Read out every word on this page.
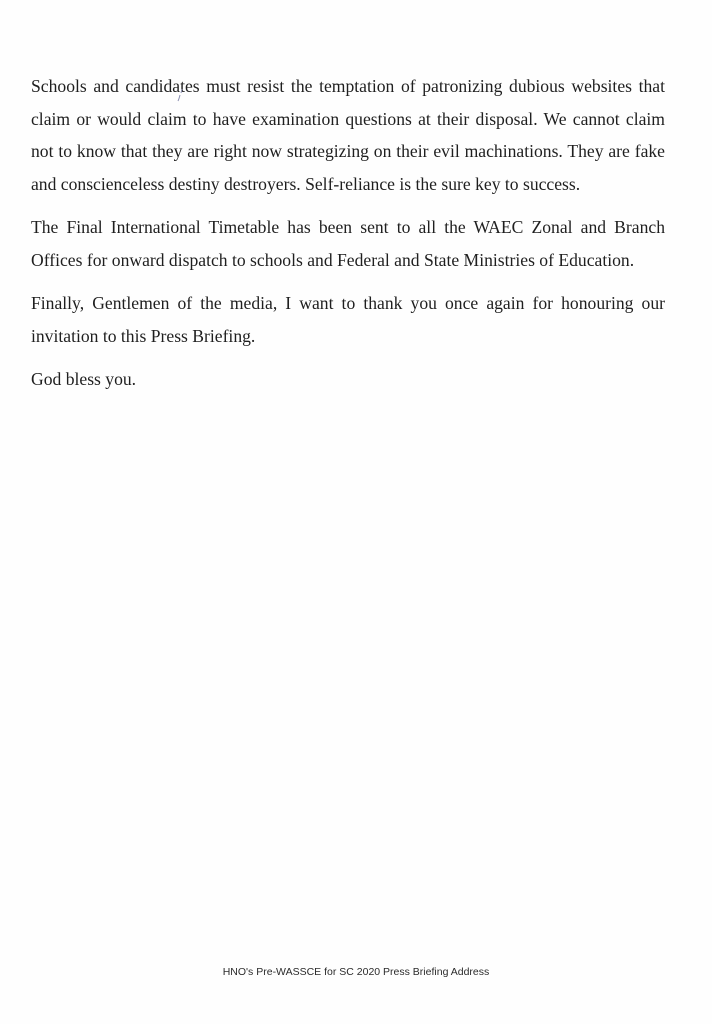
Schools and candidates must resist the temptation of patronizing dubious websites that claim or would claim to have examination questions at their disposal. We cannot claim not to know that they are right now strategizing on their evil machinations. They are fake and conscienceless destiny destroyers. Self-reliance is the sure key to success.

The Final International Timetable has been sent to all the WAEC Zonal and Branch Offices for onward dispatch to schools and Federal and State Ministries of Education.

Finally, Gentlemen of the media, I want to thank you once again for honouring our invitation to this Press Briefing.

God bless you.

HNO's Pre-WASSCE for SC 2020 Press Briefing Address
